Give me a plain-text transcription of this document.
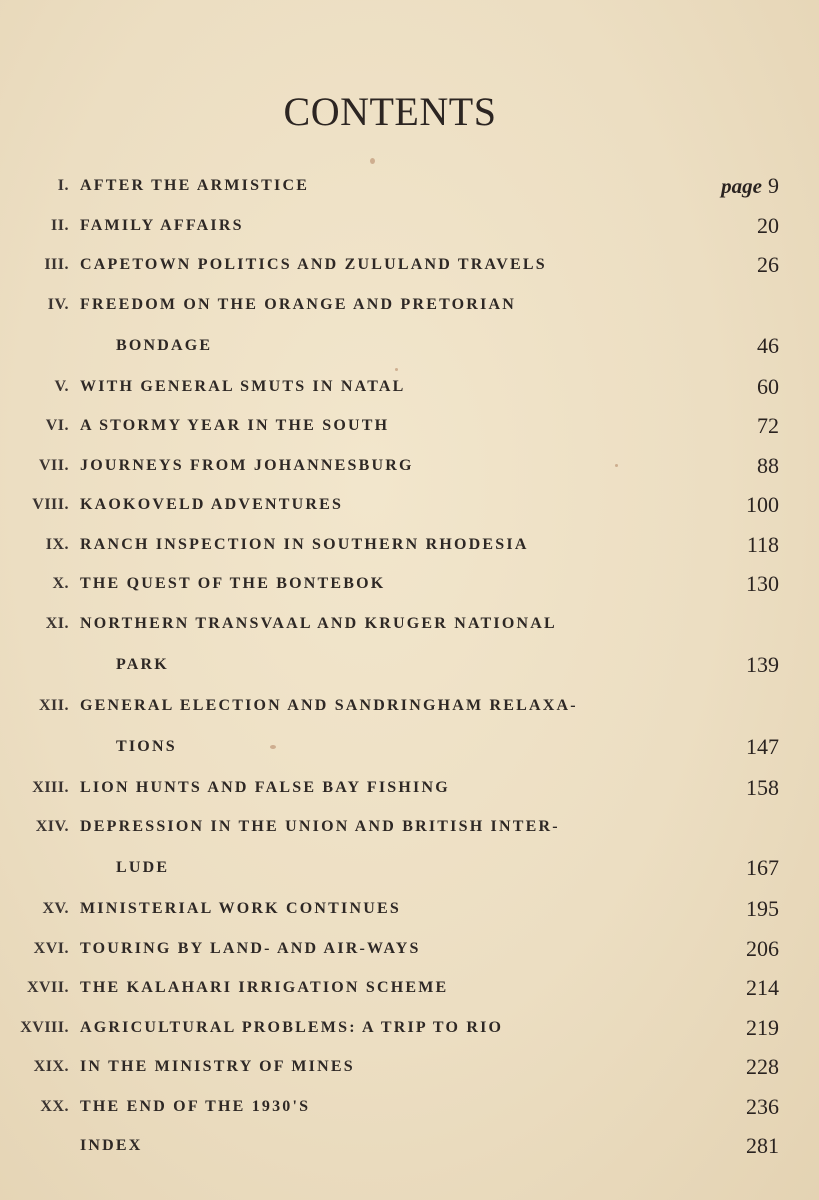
CONTENTS
I. AFTER THE ARMISTICE	page 9
II. FAMILY AFFAIRS	20
III. CAPETOWN POLITICS AND ZULULAND TRAVELS	26
IV. FREEDOM ON THE ORANGE AND PRETORIAN
BONDAGE	46
V. WITH GENERAL SMUTS IN NATAL	60
VI. A STORMY YEAR IN THE SOUTH	72
VII. JOURNEYS FROM JOHANNESBURG	88
VIII. KAOKOVELD ADVENTURES	100
IX. RANCH INSPECTION IN SOUTHERN RHODESIA	118
X. THE QUEST OF THE BONTEBOK	130
XI. NORTHERN TRANSVAAL AND KRUGER NATIONAL
PARK	139
XII. GENERAL ELECTION AND SANDRINGHAM RELAXA-
TIONS	147
XIII. LION HUNTS AND FALSE BAY FISHING	158
XIV. DEPRESSION IN THE UNION AND BRITISH INTER-
LUDE	167
XV. MINISTERIAL WORK CONTINUES	195
XVI. TOURING BY LAND- AND AIR-WAYS	206
XVII. THE KALAHARI IRRIGATION SCHEME	214
XVIII. AGRICULTURAL PROBLEMS: A TRIP TO RIO	219
XIX. IN THE MINISTRY OF MINES	228
XX. THE END OF THE 1930'S	236
INDEX	281
